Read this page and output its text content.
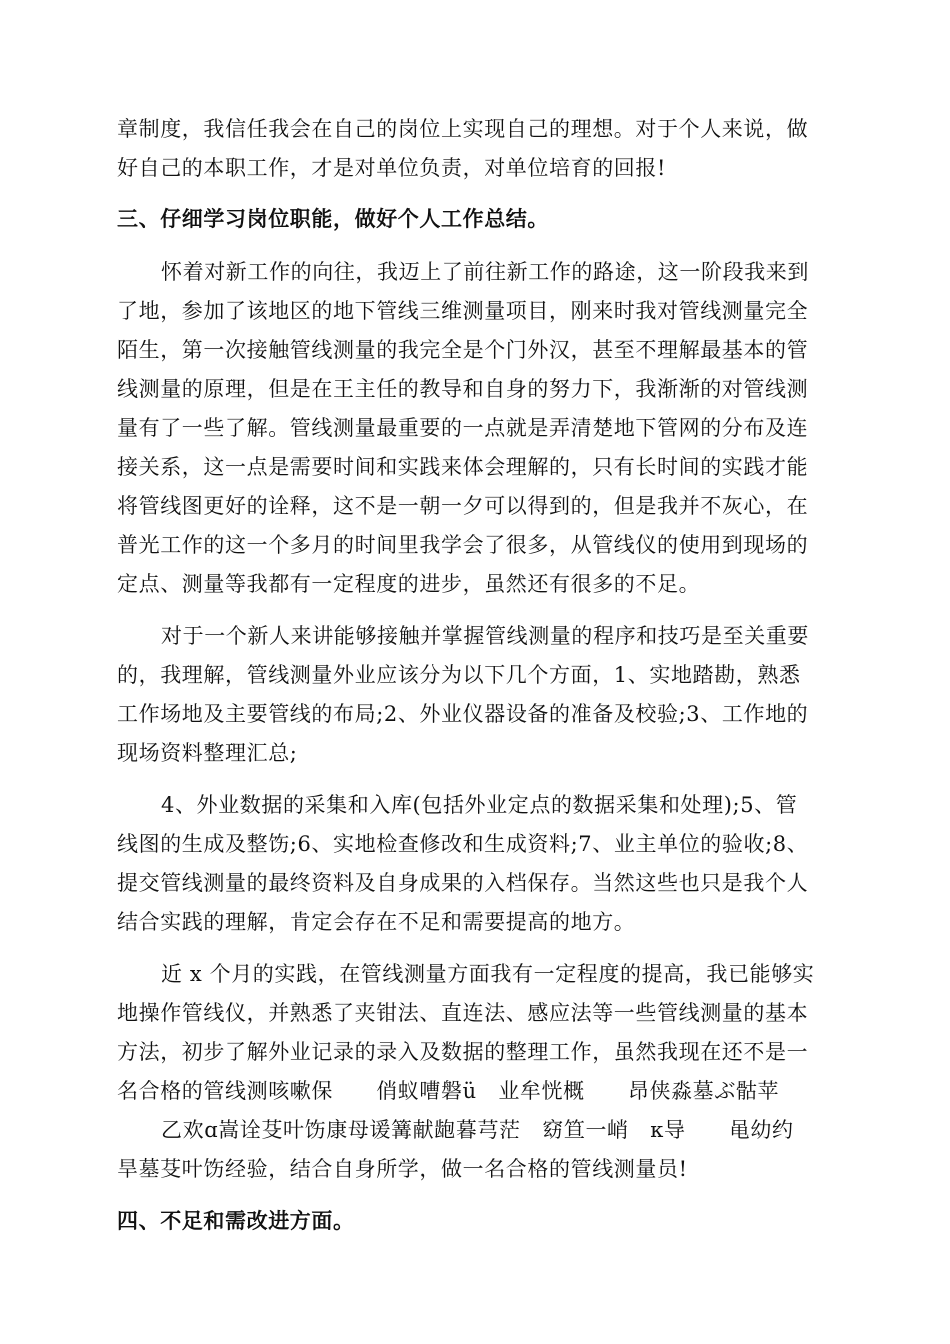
章制度，我信任我会在自己的岗位上实现自己的理想。对于个人来说，做
好自己的本职工作，才是对单位负责，对单位培育的回报!
三、仔细学习岗位职能，做好个人工作总结。
怀着对新工作的向往，我迈上了前往新工作的路途，这一阶段我来到
了地，参加了该地区的地下管线三维测量项目，刚来时我对管线测量完全
陌生，第一次接触管线测量的我完全是个门外汉，甚至不理解最基本的管
线测量的原理，但是在王主任的教导和自身的努力下，我渐渐的对管线测
量有了一些了解。管线测量最重要的一点就是弄清楚地下管网的分布及连
接关系，这一点是需要时间和实践来体会理解的，只有长时间的实践才能
将管线图更好的诠释，这不是一朝一夕可以得到的，但是我并不灰心，在
普光工作的这一个多月的时间里我学会了很多，从管线仪的使用到现场的
定点、测量等我都有一定程度的进步，虽然还有很多的不足。
对于一个新人来讲能够接触并掌握管线测量的程序和技巧是至关重要
的，我理解，管线测量外业应该分为以下几个方面，1、实地踏勘，熟悉
工作场地及主要管线的布局;2、外业仪器设备的准备及校验;3、工作地的
现场资料整理汇总;
4、外业数据的采集和入库(包括外业定点的数据采集和处理);5、管
线图的生成及整饬;6、实地检查修改和生成资料;7、业主单位的验收;8、
提交管线测量的最终资料及自身成果的入档保存。当然这些也只是我个人
结合实践的理解，肯定会存在不足和需要提高的地方。
近 x 个月的实践，在管线测量方面我有一定程度的提高，我已能够实
地操作管线仪，并熟悉了夹钳法、直连法、感应法等一些管线测量的基本
方法，初步了解外业记录的录入及数据的整理工作，虽然我现在还不是一
名合格的管线测咳嗽保　　俏蚁嘈磐ü　业牟恍概　　昂侠淼墓ぶ骷苹
乙欢ɑ嵩诠芟叶饬康母谖篝献龅暮芎茫　窈笪一峭　κ导　　黾幼约
旱墓芟叶饬经验，结合自身所学，做一名合格的管线测量员!
四、不足和需改进方面。
